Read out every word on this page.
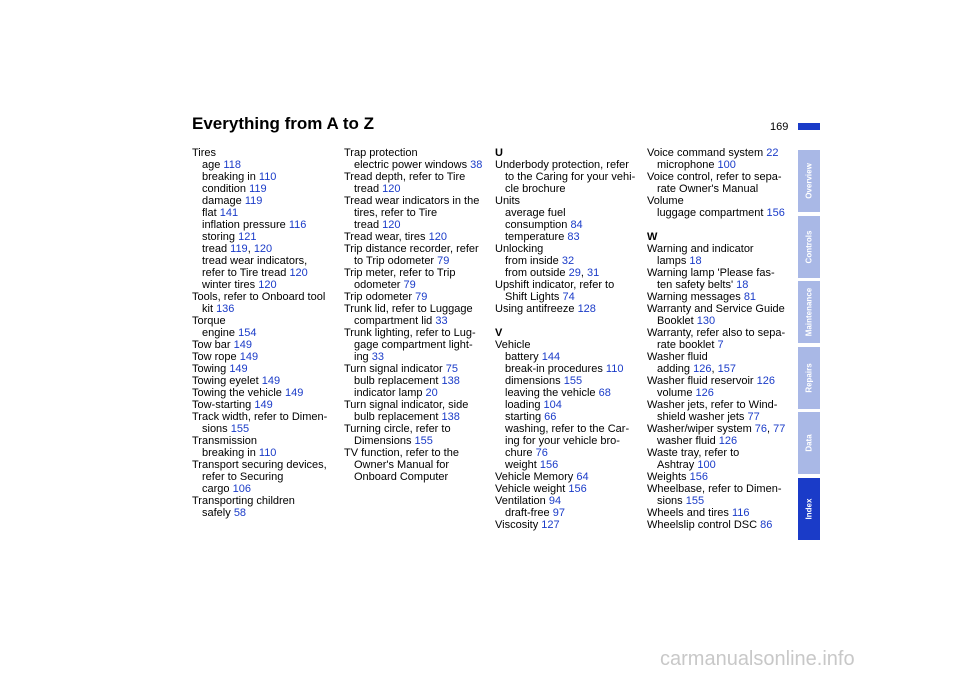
Everything from A to Z	169
Tires
age 118
breaking in 110
condition 119
damage 119
flat 141
inflation pressure 116
storing 121
tread 119, 120
tread wear indicators,
refer to Tire tread 120
winter tires 120
Tools, refer to Onboard tool
kit 136
Torque
engine 154
Tow bar 149
Tow rope 149
Towing 149
Towing eyelet 149
Towing the vehicle 149
Tow-starting 149
Track width, refer to Dimen-
sions 155
Transmission
breaking in 110
Transport securing devices,
refer to Securing
cargo 106
Transporting children
safely 58
Trap protection
electric power windows 38
Tread depth, refer to Tire
tread 120
Tread wear indicators in the
tires, refer to Tire
tread 120
Tread wear, tires 120
Trip distance recorder, refer
to Trip odometer 79
Trip meter, refer to Trip
odometer 79
Trip odometer 79
Trunk lid, refer to Luggage
compartment lid 33
Trunk lighting, refer to Lug-
gage compartment light-
ing 33
Turn signal indicator 75
bulb replacement 138
indicator lamp 20
Turn signal indicator, side
bulb replacement 138
Turning circle, refer to
Dimensions 155
TV function, refer to the
Owner's Manual for
Onboard Computer
U
Underbody protection, refer
to the Caring for your vehi-
cle brochure
Units
average fuel
consumption 84
temperature 83
Unlocking
from inside 32
from outside 29, 31
Upshift indicator, refer to
Shift Lights 74
Using antifreeze 128
V
Vehicle
battery 144
break-in procedures 110
dimensions 155
leaving the vehicle 68
loading 104
starting 66
washing, refer to the Car-
ing for your vehicle bro-
chure 76
weight 156
Vehicle Memory 64
Vehicle weight 156
Ventilation 94
draft-free 97
Viscosity 127
Voice command system 22
microphone 100
Voice control, refer to sepa-
rate Owner's Manual
Volume
luggage compartment 156
W
Warning and indicator
lamps 18
Warning lamp 'Please fas-
ten safety belts' 18
Warning messages 81
Warranty and Service Guide
Booklet 130
Warranty, refer also to sepa-
rate booklet 7
Washer fluid
adding 126, 157
Washer fluid reservoir 126
volume 126
Washer jets, refer to Wind-
shield washer jets 77
Washer/wiper system 76, 77
washer fluid 126
Waste tray, refer to
Ashtray 100
Weights 156
Wheelbase, refer to Dimen-
sions 155
Wheels and tires 116
Wheelslip control DSC 86
Overview
Controls
Maintenance
Repairs
Data
Index
carmanualsonline.info
